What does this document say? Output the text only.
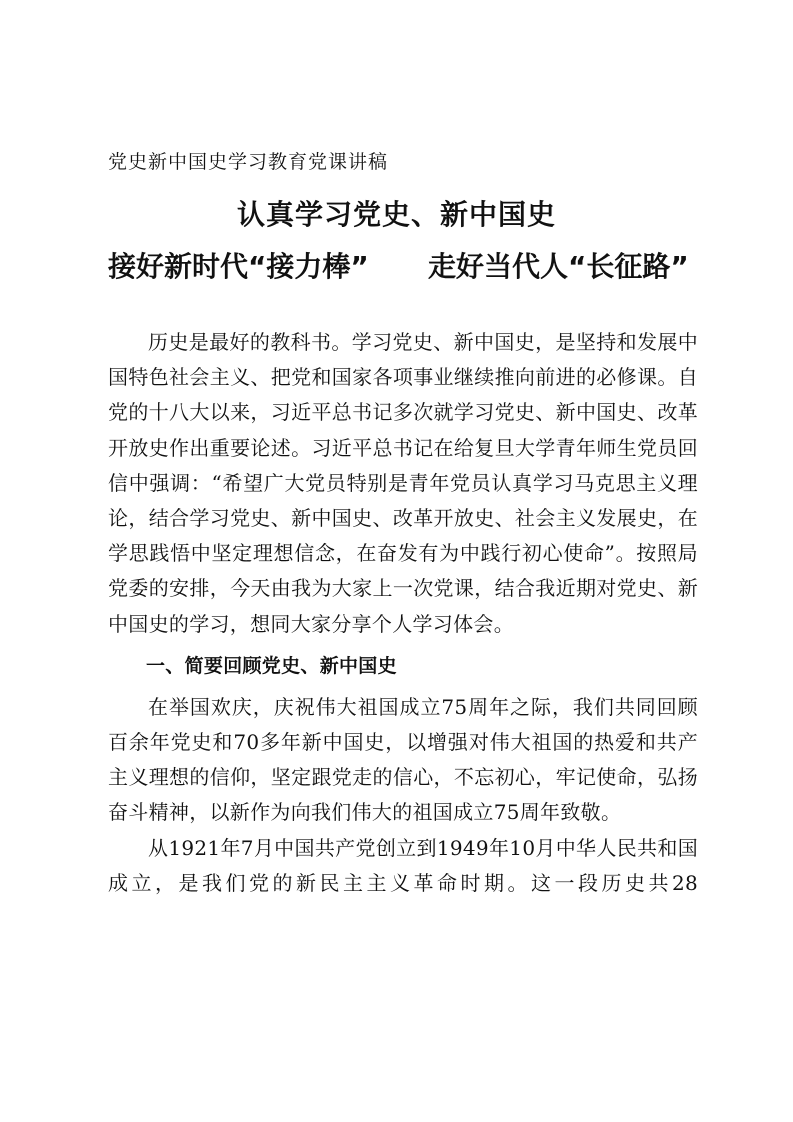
党史新中国史学习教育党课讲稿
认真学习党史、新中国史
接好新时代“接力棒” 走好当代人“长征路”

历史是最好的教科书。学习党史、新中国史，是坚持和发展中国特色社会主义、把党和国家各项事业继续推向前进的必修课。自党的十八大以来，习近平总书记多次就学习党史、新中国史、改革开放史作出重要论述。习近平总书记在给复旦大学青年师生党员回信中强调：“希望广大党员特别是青年党员认真学习马克思主义理论，结合学习党史、新中国史、改革开放史、社会主义发展史，在学思践悟中坚定理想信念，在奋发有为中践行初心使命”。按照局党委的安排，今天由我为大家上一次党课，结合我近期对党史、新中国史的学习，想同大家分享个人学习体会。

一、简要回顾党史、新中国史

在举国欢庆，庆祝伟大祖国成立75周年之际，我们共同回顾百余年党史和70多年新中国史，以增强对伟大祖国的热爱和共产主义理想的信仰，坚定跟党走的信心，不忘初心，牢记使命，弘扬奋斗精神，以新作为向我们伟大的祖国成立75周年致敬。

从1921年7月中国共产党创立到1949年10月中华人民共和国成立，是我们党的新民主主义革命时期。这一段历史共28
